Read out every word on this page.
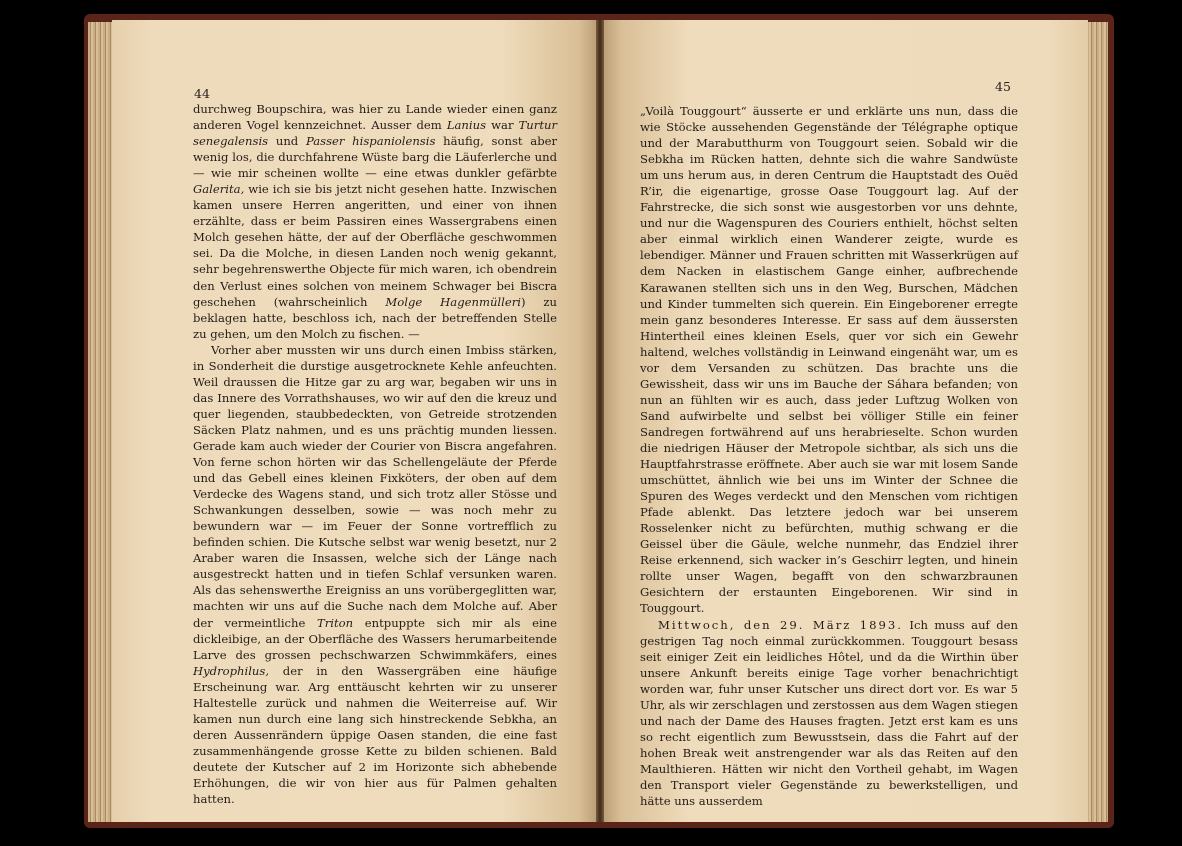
44	45

durchweg Boupschira, was hier zu Lande wieder einen ganz anderen Vogel kennzeichnet. Ausser dem Lanius war Turtur senegalensis und Passer hispaniolensis häufig, sonst aber wenig los, die durchfahrene Wüste barg die Läuferlerche und — wie mir scheinen wollte — eine etwas dunkler gefärbte Galerita, wie ich sie bis jetzt nicht gesehen hatte. Inzwischen kamen unsere Herren angeritten, und einer von ihnen erzählte, dass er beim Passiren eines Wassergrabens einen Molch gesehen hätte, der auf der Oberfläche geschwommen sei. Da die Molche, in diesen Landen noch wenig gekannt, sehr begehrenswerthe Objecte für mich waren, ich obendrein den Verlust eines solchen von meinem Schwager bei Biscra geschehen (wahrscheinlich Molge Hagenmülleri) zu beklagen hatte, beschloss ich, nach der betreffenden Stelle zu gehen, um den Molch zu fischen. —

Vorher aber mussten wir uns durch einen Imbiss stärken, in Sonderheit die durstige ausgetrocknete Kehle anfeuchten. Weil draussen die Hitze gar zu arg war, begaben wir uns in das Innere des Vorrathshauses, wo wir auf den die kreuz und quer liegenden, staubbedeckten, von Getreide strotzenden Säcken Platz nahmen, und es uns prächtig munden liessen. Gerade kam auch wieder der Courier von Biscra angefahren. Von ferne schon hörten wir das Schellengeläute der Pferde und das Gebell eines kleinen Fixköters, der oben auf dem Verdecke des Wagens stand, und sich trotz aller Stösse und Schwankungen desselben, sowie — was noch mehr zu bewundern war — im Feuer der Sonne vortrefflich zu befinden schien. Die Kutsche selbst war wenig besetzt, nur 2 Araber waren die Insassen, welche sich der Länge nach ausgestreckt hatten und in tiefen Schlaf versunken waren. Als das sehenswerthe Ereigniss an uns vorübergeglitten war, machten wir uns auf die Suche nach dem Molche auf. Aber der vermeintliche Triton entpuppte sich mir als eine dickleibige, an der Oberfläche des Wassers herumarbeitende Larve des grossen pechschwarzen Schwimmkäfers, eines Hydrophilus, der in den Wassergräben eine häufige Erscheinung war. Arg enttäuscht kehrten wir zu unserer Haltestelle zurück und nahmen die Weiterreise auf. Wir kamen nun durch eine lang sich hinstreckende Sebkha, an deren Aussenrändern üppige Oasen standen, die eine fast zusammenhängende grosse Kette zu bilden schienen. Bald deutete der Kutscher auf 2 im Horizonte sich abhebende Erhöhungen, die wir von hier aus für Palmen gehalten hatten.

„Voilà Touggourt“ äusserte er und erklärte uns nun, dass die wie Stöcke aussehenden Gegenstände der Télégraphe optique und der Marabutthurm von Touggourt seien. Sobald wir die Sebkha im Rücken hatten, dehnte sich die wahre Sandwüste um uns herum aus, in deren Centrum die Hauptstadt des Ouëd R’ir, die eigenartige, grosse Oase Touggourt lag. Auf der Fahrstrecke, die sich sonst wie ausgestorben vor uns dehnte, und nur die Wagenspuren des Couriers enthielt, höchst selten aber einmal wirklich einen Wanderer zeigte, wurde es lebendiger. Männer und Frauen schritten mit Wasserkrügen auf dem Nacken in elastischem Gange einher, aufbrechende Karawanen stellten sich uns in den Weg, Burschen, Mädchen und Kinder tummelten sich querein. Ein Eingeborener erregte mein ganz besonderes Interesse. Er sass auf dem äussersten Hintertheil eines kleinen Esels, quer vor sich ein Gewehr haltend, welches vollständig in Leinwand eingenäht war, um es vor dem Versanden zu schützen. Das brachte uns die Gewissheit, dass wir uns im Bauche der Sáhara befanden; von nun an fühlten wir es auch, dass jeder Luftzug Wolken von Sand aufwirbelte und selbst bei völliger Stille ein feiner Sandregen fortwährend auf uns herabrieselte. Schon wurden die niedrigen Häuser der Metropole sichtbar, als sich uns die Hauptfahrstrasse eröffnete. Aber auch sie war mit losem Sande umschüttet, ähnlich wie bei uns im Winter der Schnee die Spuren des Weges verdeckt und den Menschen vom richtigen Pfade ablenkt. Das letztere jedoch war bei unserem Rosselenker nicht zu befürchten, muthig schwang er die Geissel über die Gäule, welche nunmehr, das Endziel ihrer Reise erkennend, sich wacker in’s Geschirr legten, und hinein rollte unser Wagen, begafft von den schwarzbraunen Gesichtern der erstaunten Eingeborenen. Wir sind in Touggourt.

Mittwoch, den 29. März 1893. Ich muss auf den gestrigen Tag noch einmal zurückkommen. Touggourt besass seit einiger Zeit ein leidliches Hôtel, und da die Wirthin über unsere Ankunft bereits einige Tage vorher benachrichtigt worden war, fuhr unser Kutscher uns direct dort vor. Es war 5 Uhr, als wir zerschlagen und zerstossen aus dem Wagen stiegen und nach der Dame des Hauses fragten. Jetzt erst kam es uns so recht eigentlich zum Bewusstsein, dass die Fahrt auf der hohen Break weit anstrengender war als das Reiten auf den Maulthieren. Hätten wir nicht den Vortheil gehabt, im Wagen den Transport vieler Gegenstände zu bewerkstelligen, und hätte uns ausserdem
